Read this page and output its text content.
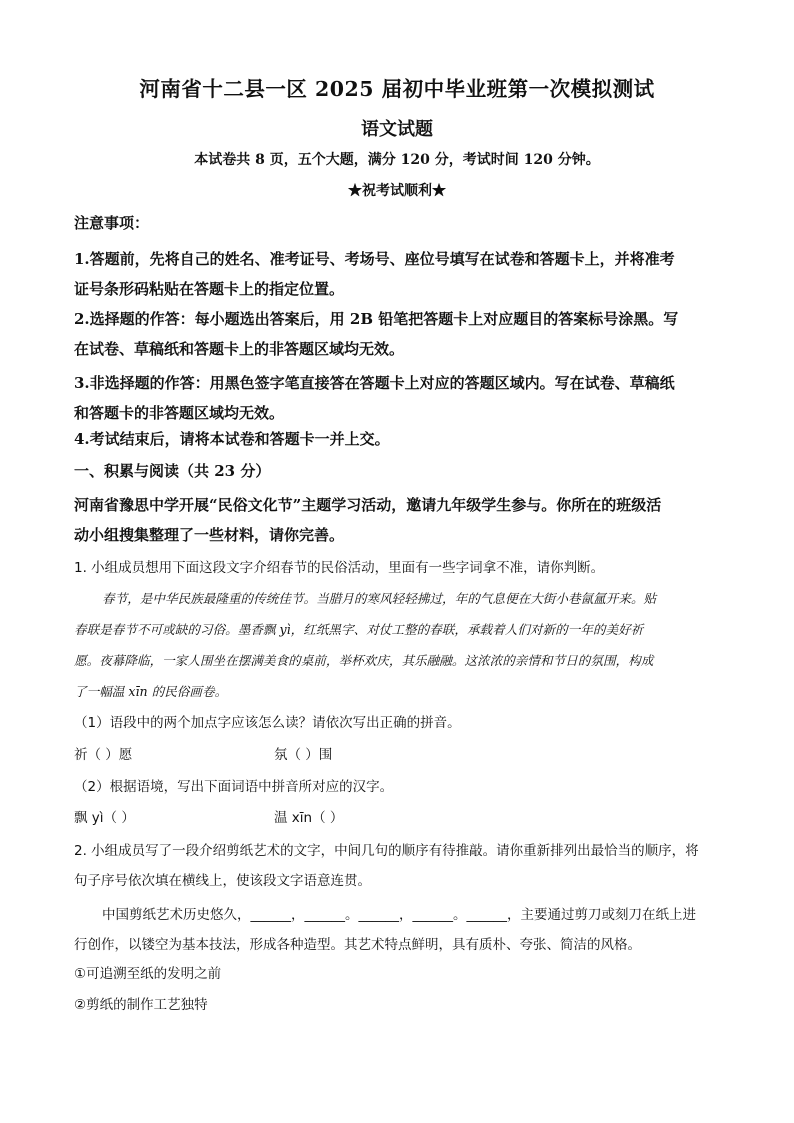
河南省十二县一区 2025 届初中毕业班第一次模拟测试
语文试题
本试卷共 8 页，五个大题，满分 120 分，考试时间 120 分钟。
★祝考试顺利★
注意事项：
1.答题前，先将自己的姓名、准考证号、考场号、座位号填写在试卷和答题卡上，并将准考
证号条形码粘贴在答题卡上的指定位置。
2.选择题的作答：每小题选出答案后，用 2B 铅笔把答题卡上对应题目的答案标号涂黑。写
在试卷、草稿纸和答题卡上的非答题区域均无效。
3.非选择题的作答：用黑色签字笔直接答在答题卡上对应的答题区域内。写在试卷、草稿纸
和答题卡的非答题区域均无效。
4.考试结束后，请将本试卷和答题卡一并上交。
一、积累与阅读（共 23 分）
河南省豫思中学开展“民俗文化节”主题学习活动，邀请九年级学生参与。你所在的班级活
动小组搜集整理了一些材料，请你完善。
1. 小组成员想用下面这段文字介绍春节的民俗活动，里面有一些字词拿不准，请你判断。
春节，是中华民族最隆重的传统佳节。当腊月的寒风轻轻拂过，年的气息便在大街小巷氤氲开来。贴
春联是春节不可或缺的习俗。墨香飘 yì，红纸黑字、对仗工整的春联，承载着人们对新的一年的美好祈
愿。夜幕降临，一家人围坐在摆满美食的桌前，举杯欢庆，其乐融融。这浓浓的亲情和节日的氛围，构成
了一幅温 xīn 的民俗画卷。
（1）语段中的两个加点字应该怎么读？请依次写出正确的拼音。
祈（ ）愿	氛（ ）围
（2）根据语境，写出下面词语中拼音所对应的汉字。
飘 yì（ ）	温 xīn（ ）
2. 小组成员写了一段介绍剪纸艺术的文字，中间几句的顺序有待推敲。请你重新排列出最恰当的顺序，将
句子序号依次填在横线上，使该段文字语意连贯。
中国剪纸艺术历史悠久，______，______。______，______。______，主要通过剪刀或刻刀在纸上进
行创作，以镂空为基本技法，形成各种造型。其艺术特点鲜明，具有质朴、夸张、简洁的风格。
①可追溯至纸的发明之前
②剪纸的制作工艺独特
